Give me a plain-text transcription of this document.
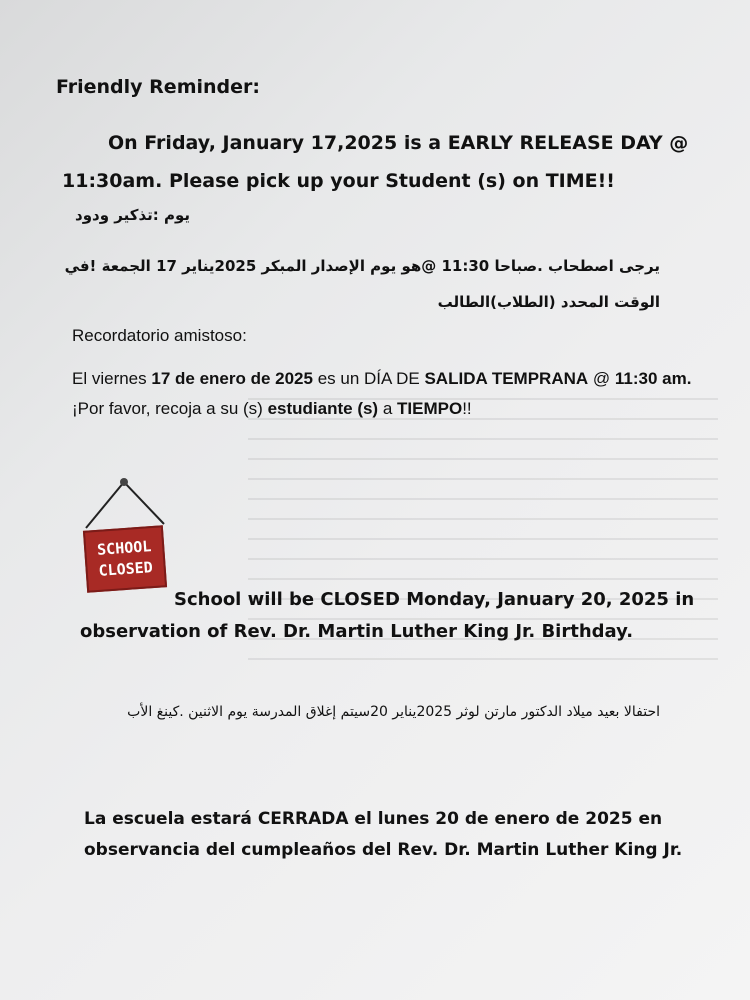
Friendly Reminder:

On Friday, January 17,2025 is a EARLY RELEASE DAY @ 11:30am. Please pick up your Student (s) on TIME!!

يوم :تذكير ودود

يرجى اصطحاب .صباحا 11:30 @هو يوم الإصدار المبكر 2025يناير 17 الجمعة !في الوقت المحدد (الطلاب)الطالب

Recordatorio amistoso:

El viernes 17 de enero de 2025 es un DÍA DE SALIDA TEMPRANA @ 11:30 am. ¡Por favor, recoja a su (s) estudiante (s) a TIEMPO!!

SCHOOL
CLOSED

School will be CLOSED Monday, January 20, 2025 in observation of Rev. Dr. Martin Luther King Jr. Birthday.

احتفالا بعيد ميلاد الدكتور مارتن لوثر 2025يناير 20سيتم إغلاق المدرسة يوم الاثنين .كينغ الأب

La escuela estará CERRADA el lunes 20 de enero de 2025 en observancia del cumpleaños del Rev. Dr. Martin Luther King Jr.
